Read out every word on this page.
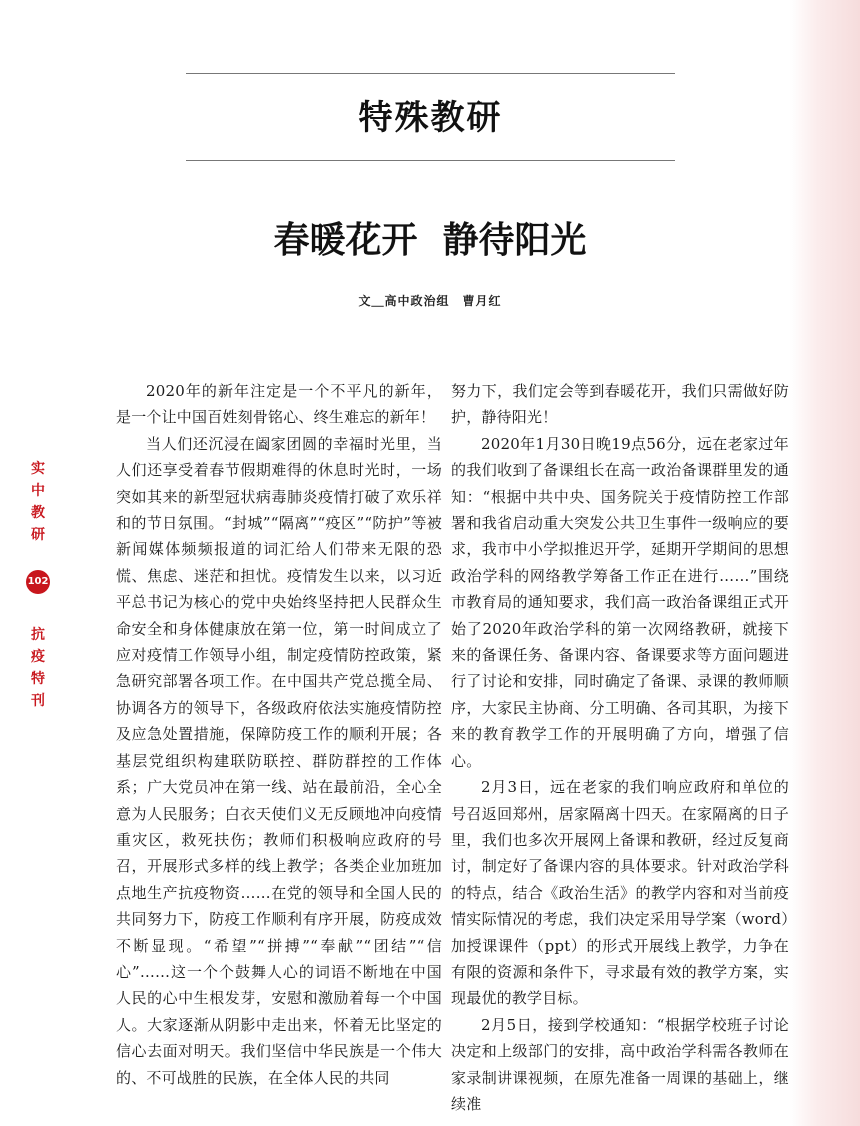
特殊教研
春暖花开  静待阳光
文＿高中政治组　曹月红
实
中
教
研
102
抗
疫
特
刊

2020年的新年注定是一个不平凡的新年，是一个让中国百姓刻骨铭心、终生难忘的新年！

当人们还沉浸在阖家团圆的幸福时光里，当人们还享受着春节假期难得的休息时光时，一场突如其来的新型冠状病毒肺炎疫情打破了欢乐祥和的节日氛围。“封城”“隔离”“疫区”“防护”等被新闻媒体频频报道的词汇给人们带来无限的恐慌、焦虑、迷茫和担忧。疫情发生以来，以习近平总书记为核心的党中央始终坚持把人民群众生命安全和身体健康放在第一位，第一时间成立了应对疫情工作领导小组，制定疫情防控政策，紧急研究部署各项工作。在中国共产党总揽全局、协调各方的领导下，各级政府依法实施疫情防控及应急处置措施，保障防疫工作的顺利开展；各基层党组织构建联防联控、群防群控的工作体系；广大党员冲在第一线、站在最前沿，全心全意为人民服务；白衣天使们义无反顾地冲向疫情重灾区，救死扶伤；教师们积极响应政府的号召，开展形式多样的线上教学；各类企业加班加点地生产抗疫物资……在党的领导和全国人民的共同努力下，防疫工作顺利有序开展，防疫成效不断显现。“希望”“拼搏”“奉献”“团结”“信心”……这一个个鼓舞人心的词语不断地在中国人民的心中生根发芽，安慰和激励着每一个中国人。大家逐渐从阴影中走出来，怀着无比坚定的信心去面对明天。我们坚信中华民族是一个伟大的、不可战胜的民族，在全体人民的共同

努力下，我们定会等到春暖花开，我们只需做好防护，静待阳光！

2020年1月30日晚19点56分，远在老家过年的我们收到了备课组长在高一政治备课群里发的通知：“根据中共中央、国务院关于疫情防控工作部署和我省启动重大突发公共卫生事件一级响应的要求，我市中小学拟推迟开学，延期开学期间的思想政治学科的网络教学筹备工作正在进行……”围绕市教育局的通知要求，我们高一政治备课组正式开始了2020年政治学科的第一次网络教研，就接下来的备课任务、备课内容、备课要求等方面问题进行了讨论和安排，同时确定了备课、录课的教师顺序，大家民主协商、分工明确、各司其职，为接下来的教育教学工作的开展明确了方向，增强了信心。

2月3日，远在老家的我们响应政府和单位的号召返回郑州，居家隔离十四天。在家隔离的日子里，我们也多次开展网上备课和教研，经过反复商讨，制定好了备课内容的具体要求。针对政治学科的特点，结合《政治生活》的教学内容和对当前疫情实际情况的考虑，我们决定采用导学案（word）加授课课件（ppt）的形式开展线上教学，力争在有限的资源和条件下，寻求最有效的教学方案，实现最优的教学目标。

2月5日，接到学校通知：“根据学校班子讨论决定和上级部门的安排，高中政治学科需各教师在家录制讲课视频，在原先准备一周课的基础上，继续准
